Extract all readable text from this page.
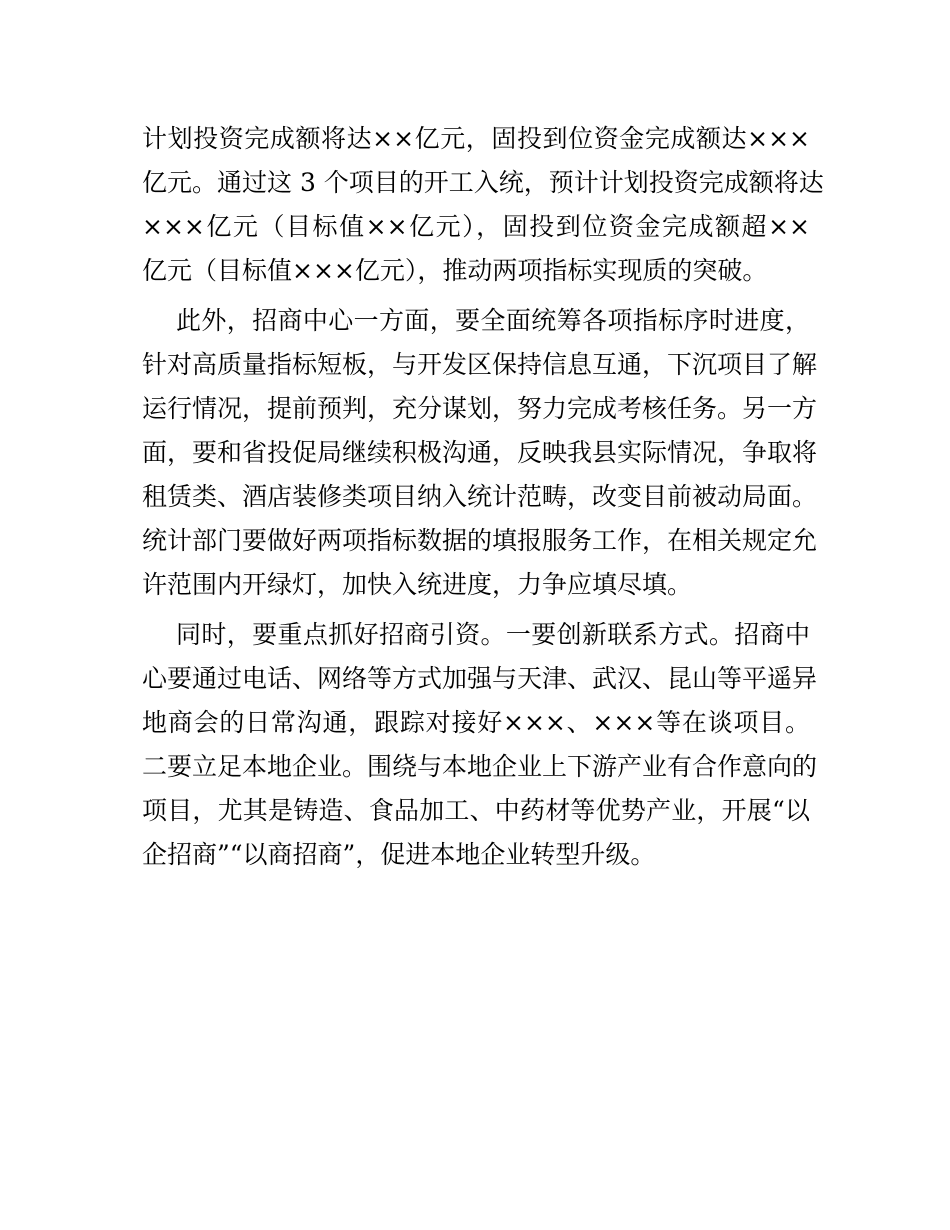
计划投资完成额将达××亿元，固投到位资金完成额达×××
亿元。通过这 3 个项目的开工入统，预计计划投资完成额将达
×××亿元（目标值××亿元），固投到位资金完成额超××
亿元（目标值×××亿元），推动两项指标实现质的突破。
此外，招商中心一方面，要全面统筹各项指标序时进度，
针对高质量指标短板，与开发区保持信息互通，下沉项目了解
运行情况，提前预判，充分谋划，努力完成考核任务。另一方
面，要和省投促局继续积极沟通，反映我县实际情况，争取将
租赁类、酒店装修类项目纳入统计范畴，改变目前被动局面。
统计部门要做好两项指标数据的填报服务工作，在相关规定允
许范围内开绿灯，加快入统进度，力争应填尽填。
同时，要重点抓好招商引资。一要创新联系方式。招商中
心要通过电话、网络等方式加强与天津、武汉、昆山等平遥异
地商会的日常沟通，跟踪对接好×××、×××等在谈项目。
二要立足本地企业。围绕与本地企业上下游产业有合作意向的
项目，尤其是铸造、食品加工、中药材等优势产业，开展“以
企招商”“以商招商”，促进本地企业转型升级。
